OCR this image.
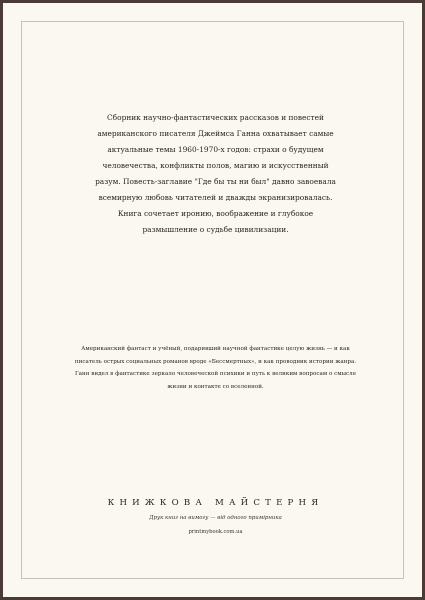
Сборник научно-фантастических рассказов и повестей американского писателя Джеймса Ганна охватывает самые актуальные темы 1960-1970-х годов: страхи о будущем человечества, конфликты полов, магию и искусственный разум. Повесть-заглавие "Где бы ты ни был" давно завоевала всемирную любовь читателей и дважды экранизировалась. Книга сочетает иронию, воображение и глубокое размышление о судьбе цивилизации.
Американский фантаст и учёный, подаривший научной фантастике целую жизнь — и как писатель острых социальных романов вроде «Бессмертных», и как проводник истории жанра. Ганн видел в фантастике зеркало человеческой психики и путь к великим вопросам о смысле жизни и контакте со вселенной.
КНИЖКОВА МАЙСТЕРНЯ
Друк книг на вимогу — від одного примірника
printmybook.com.ua
